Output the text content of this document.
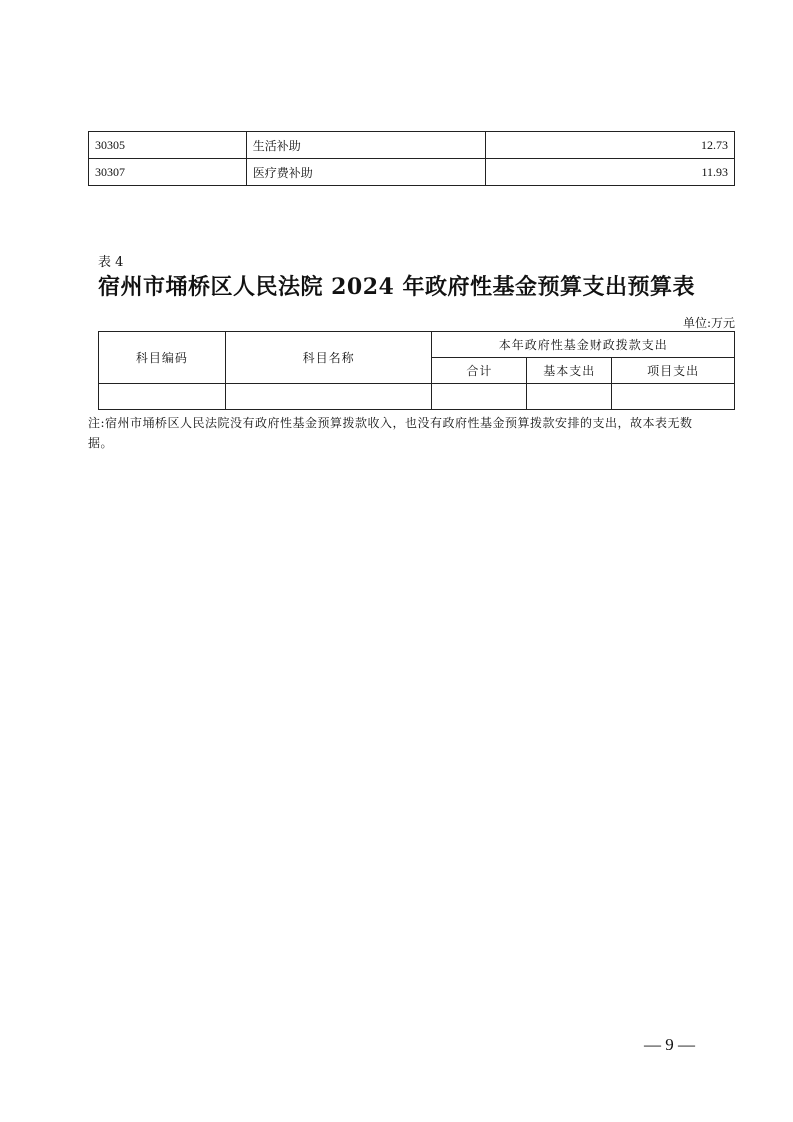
30305	生活补助	12.73
30307	医疗费补助	11.93
表 4
宿州市埇桥区人民法院 2024 年政府性基金预算支出预算表
单位:万元
科目编码	科目名称	本年政府性基金财政拨款支出		
		合计	基本支出	项目支出

注:宿州市埇桥区人民法院没有政府性基金预算拨款收入，也没有政府性基金预算拨款安排的支出，故本表无数据。
— 9 —
